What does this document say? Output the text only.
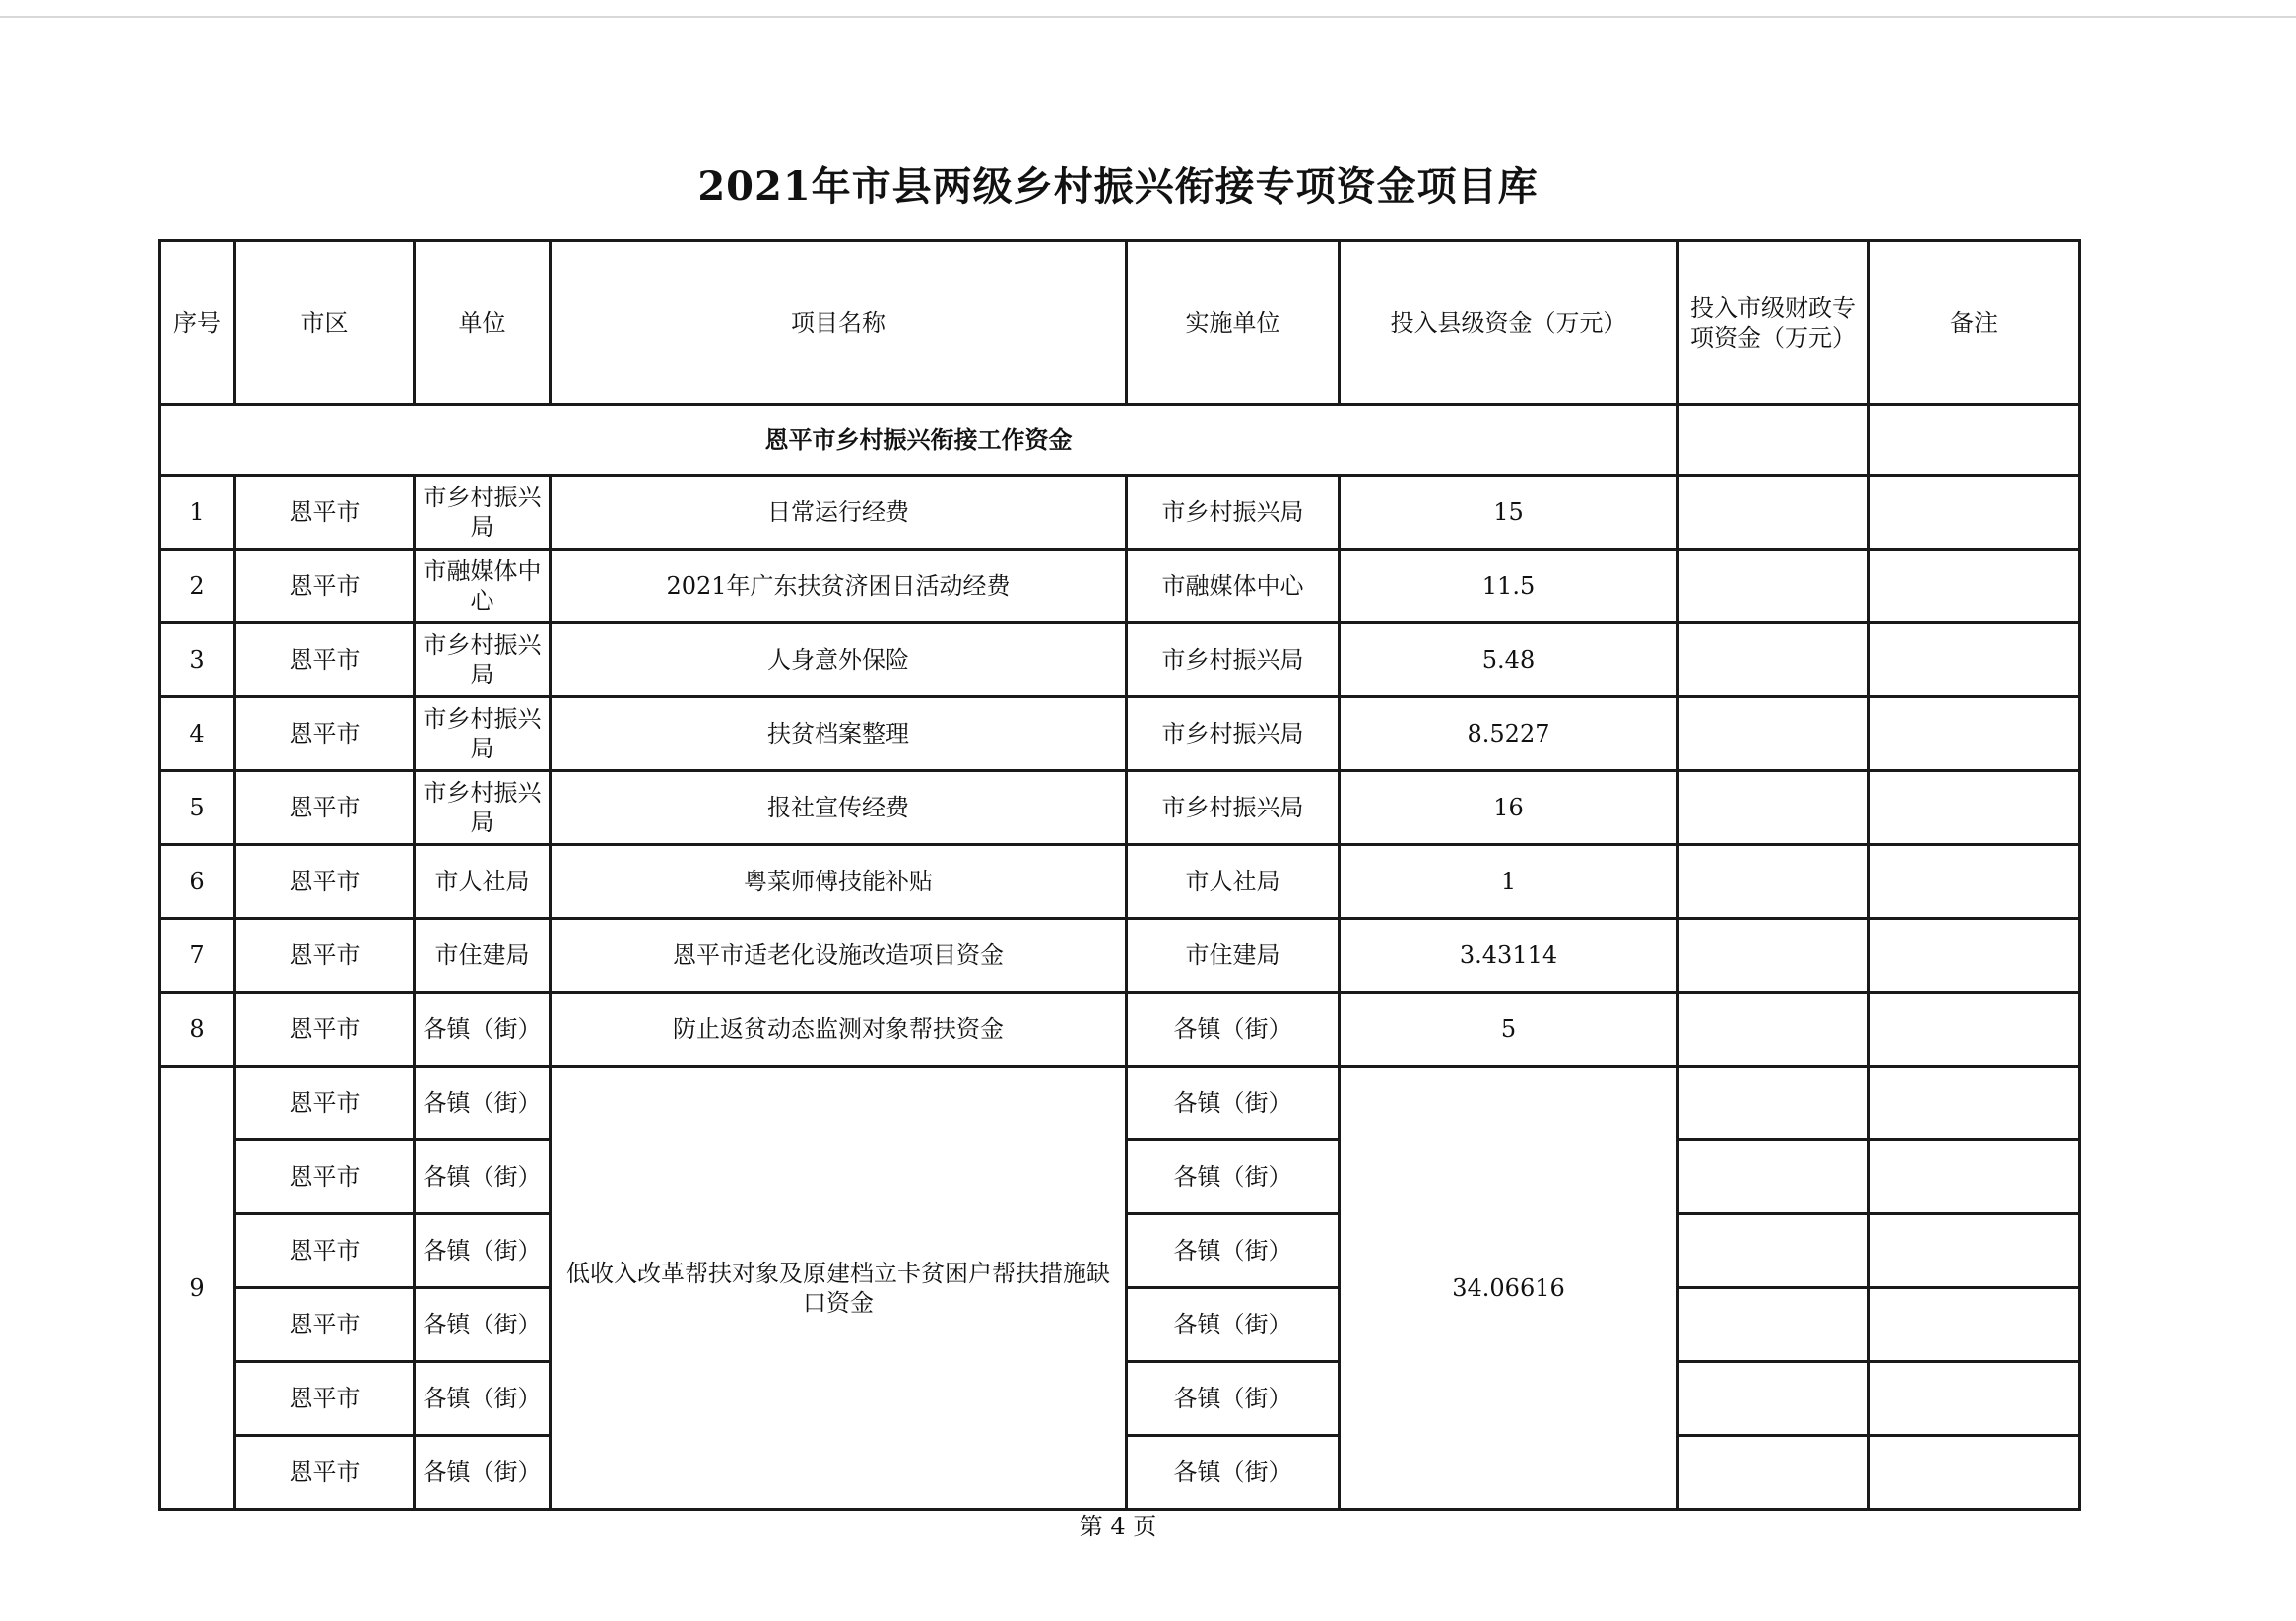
2021年市县两级乡村振兴衔接专项资金项目库
序号	市区	单位	项目名称	实施单位	投入县级资金（万元）	投入市级财政专项资金（万元）	备注
恩平市乡村振兴衔接工作资金							
1	恩平市	市乡村振兴局	日常运行经费	市乡村振兴局	15		
2	恩平市	市融媒体中心	2021年广东扶贫济困日活动经费	市融媒体中心	11.5		
3	恩平市	市乡村振兴局	人身意外保险	市乡村振兴局	5.48		
4	恩平市	市乡村振兴局	扶贫档案整理	市乡村振兴局	8.5227		
5	恩平市	市乡村振兴局	报社宣传经费	市乡村振兴局	16		
6	恩平市	市人社局	粤菜师傅技能补贴	市人社局	1		
7	恩平市	市住建局	恩平市适老化设施改造项目资金	市住建局	3.43114		
8	恩平市	各镇（街）	防止返贫动态监测对象帮扶资金	各镇（街）	5		
9	恩平市	各镇（街）	低收入改革帮扶对象及原建档立卡贫困户帮扶措施缺口资金	各镇（街）	34.06616		
	恩平市	各镇（街）		各镇（街）			
	恩平市	各镇（街）		各镇（街）			
	恩平市	各镇（街）		各镇（街）			
	恩平市	各镇（街）		各镇（街）			
	恩平市	各镇（街）		各镇（街）			
第 4 页
